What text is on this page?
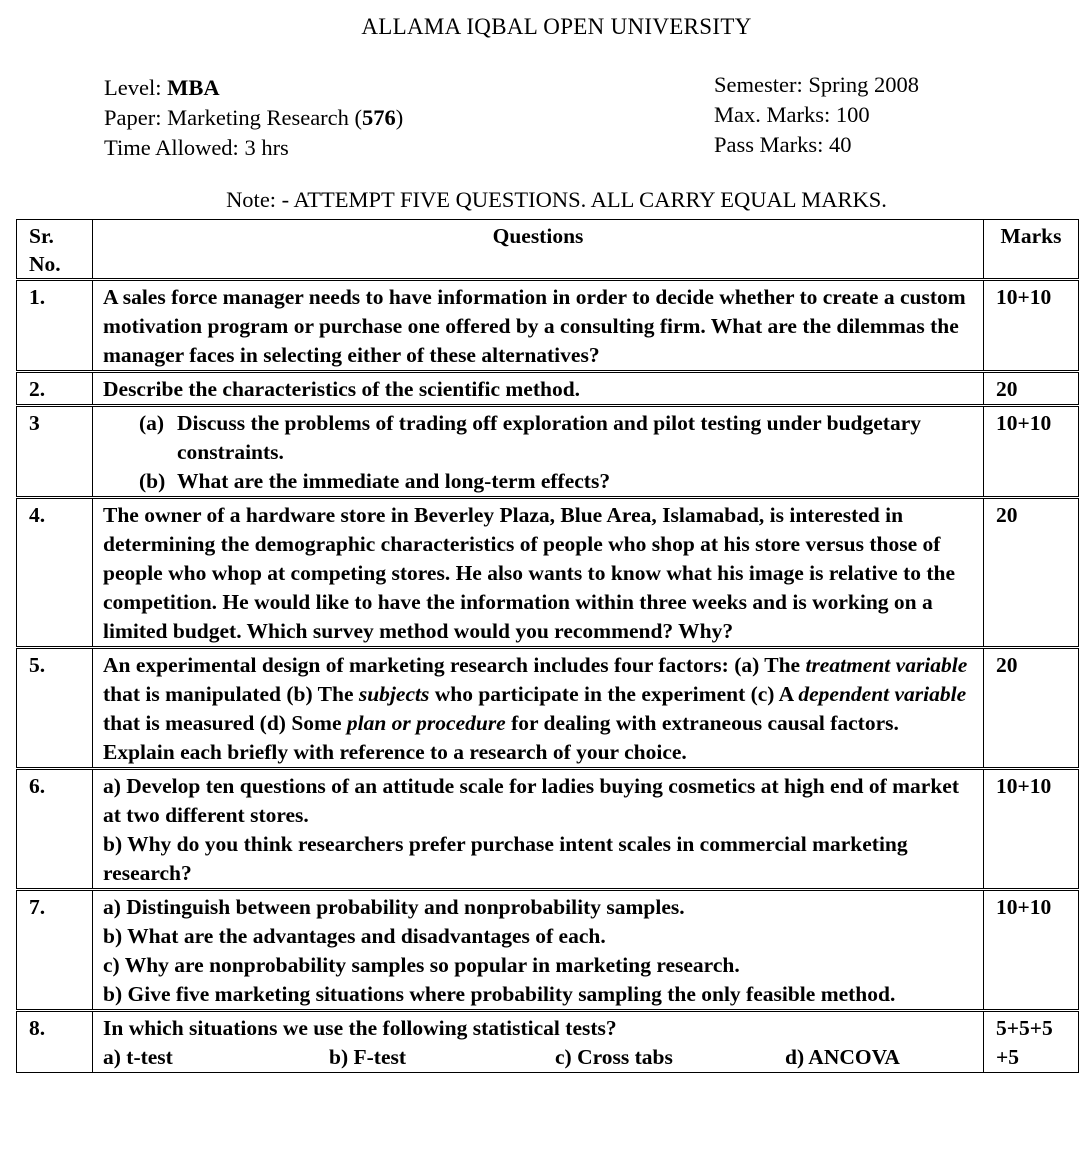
ALLAMA IQBAL OPEN UNIVERSITY
Level: MBA
Paper: Marketing Research (576)
Time Allowed: 3 hrs
Semester: Spring 2008
Max. Marks: 100
Pass Marks: 40
Note: - ATTEMPT FIVE QUESTIONS. ALL CARRY EQUAL MARKS.
Sr.
No.	Questions	Marks
1.	A sales force manager needs to have information in order to decide whether to create a custom motivation program or purchase one offered by a consulting firm. What are the dilemmas the manager faces in selecting either of these alternatives?	10+10
2.	Describe the characteristics of the scientific method.	20
3	(a) Discuss the problems of trading off exploration and pilot testing under budgetary constraints.
(b) What are the immediate and long-term effects?	10+10
4.	The owner of a hardware store in Beverley Plaza, Blue Area, Islamabad, is interested in determining the demographic characteristics of people who shop at his store versus those of people who whop at competing stores. He also wants to know what his image is relative to the competition. He would like to have the information within three weeks and is working on a limited budget. Which survey method would you recommend? Why?	20
5.	An experimental design of marketing research includes four factors: (a) The treatment variable that is manipulated (b) The subjects who participate in the experiment (c) A dependent variable that is measured (d) Some plan or procedure for dealing with extraneous causal factors. Explain each briefly with reference to a research of your choice.	20
6.	a) Develop ten questions of an attitude scale for ladies buying cosmetics at high end of market at two different stores.
b) Why do you think researchers prefer purchase intent scales in commercial marketing research?	10+10
7.	a) Distinguish between probability and nonprobability samples.
b) What are the advantages and disadvantages of each.
c) Why are nonprobability samples so popular in marketing research.
b) Give five marketing situations where probability sampling the only feasible method.	10+10
8.	In which situations we use the following statistical tests?
a) t-test b) F-test c) Cross tabs d) ANCOVA	5+5+5
+5
